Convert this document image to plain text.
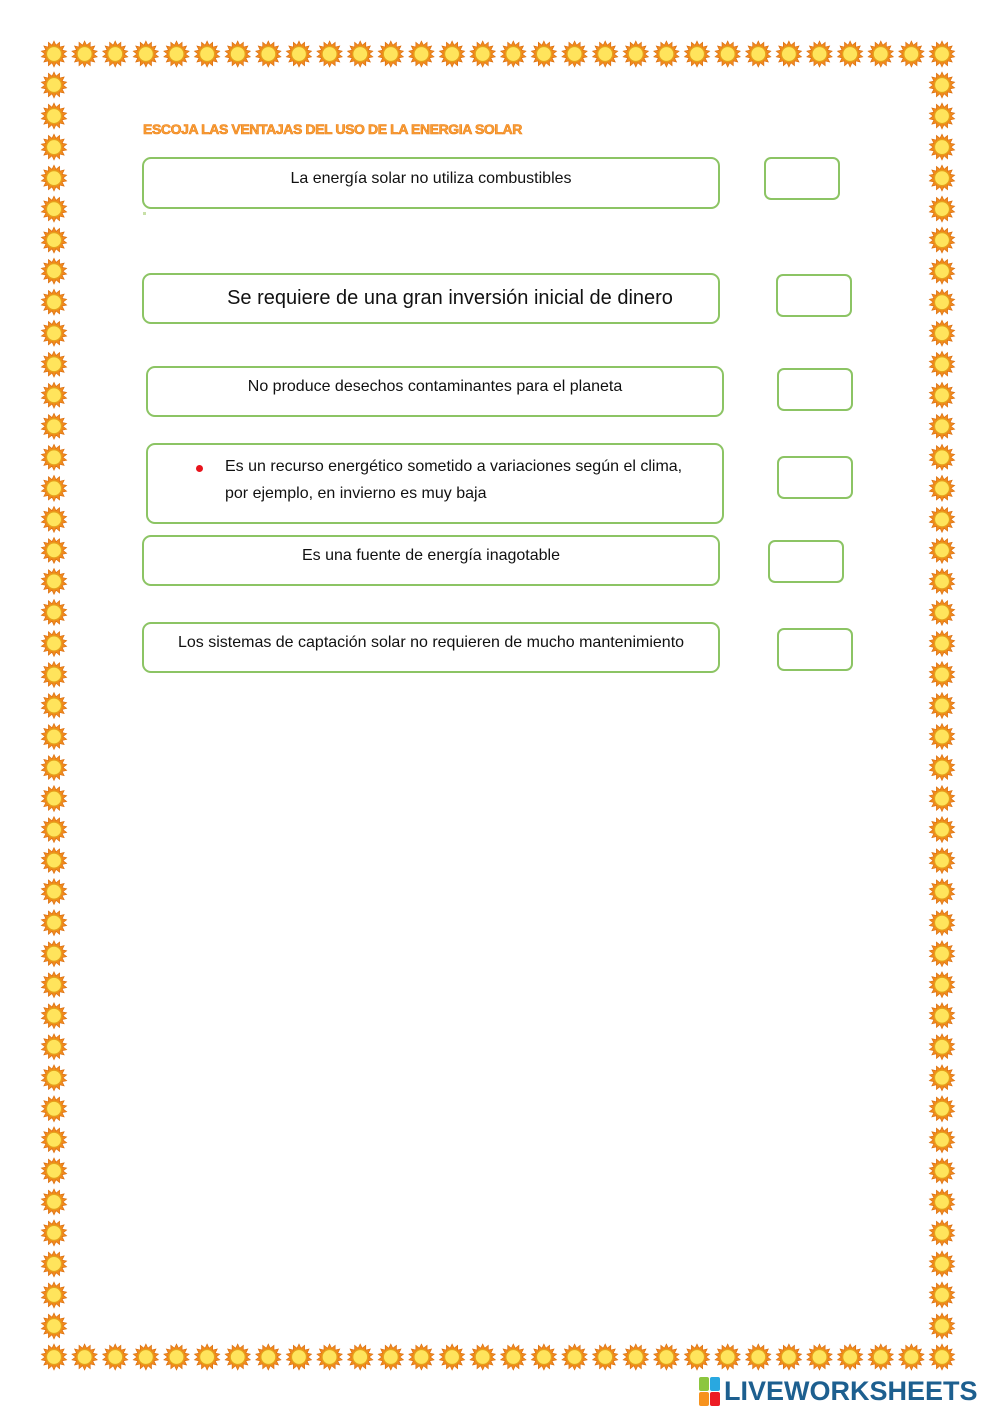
ESCOJA LAS VENTAJAS DEL USO DE LA ENERGIA SOLAR
La energía solar no utiliza combustibles
Se requiere de una gran inversión inicial de dinero
No produce desechos contaminantes para el planeta
Es un recurso energético sometido a variaciones según el clima,
por ejemplo, en invierno es muy baja
Es una fuente de energía inagotable
Los sistemas de captación solar no requieren de mucho mantenimiento
LIVEWORKSHEETS
